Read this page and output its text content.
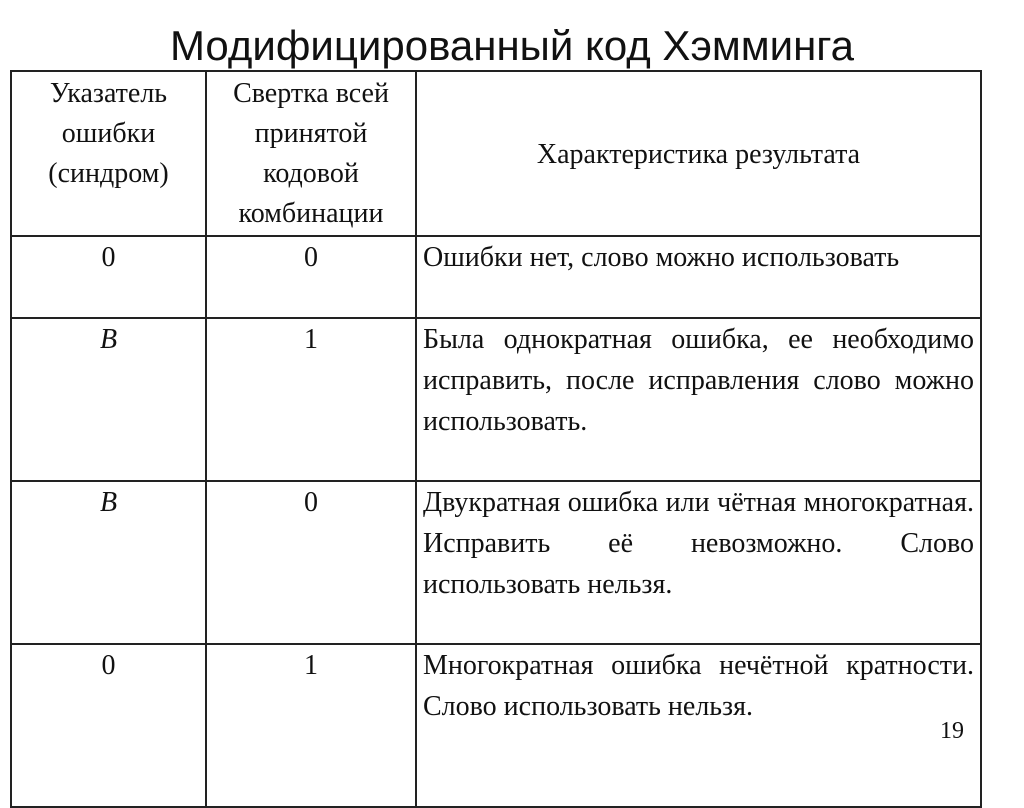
Модифицированный код Хэмминга
Указатель ошибки (синдром)	Свертка всей принятой кодовой комбинации	Характеристика результата
0	0	Ошибки нет, слово можно использовать
B	1	Была однократная ошибка, ее необходимо исправить, после исправления слово можно использовать.
B	0	Двукратная ошибка или чётная многократная. Исправить её невозможно. Слово использовать нельзя.
0	1	Многократная ошибка нечётной кратности. Слово использовать нельзя.
19
